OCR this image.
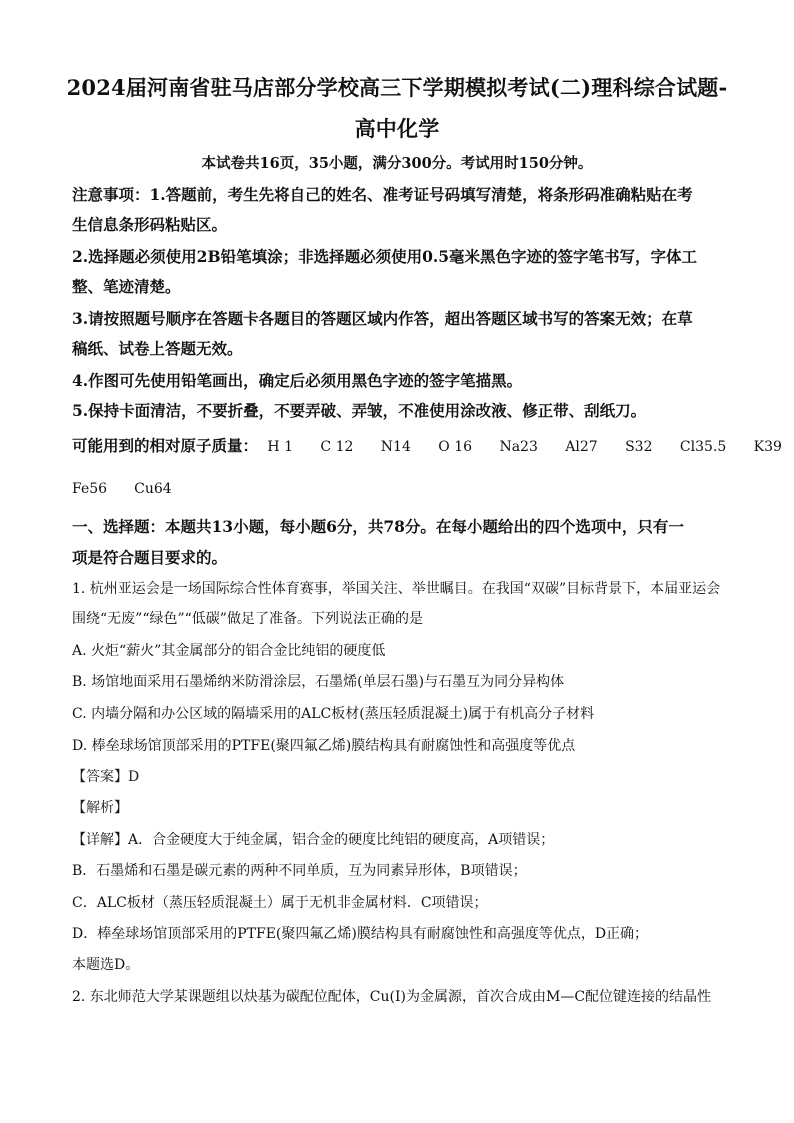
2024届河南省驻马店部分学校高三下学期模拟考试(二)理科综合试题-
高中化学
本试卷共16页，35小题，满分300分。考试用时150分钟。
注意事项：1.答题前，考生先将自己的姓名、准考证号码填写清楚，将条形码准确粘贴在考
生信息条形码粘贴区。
2.选择题必须使用2B铅笔填涂；非选择题必须使用0.5毫米黑色字迹的签字笔书写，字体工
整、笔迹清楚。
3.请按照题号顺序在答题卡各题目的答题区域内作答，超出答题区域书写的答案无效；在草
稿纸、试卷上答题无效。
4.作图可先使用铅笔画出，确定后必须用黑色字迹的签字笔描黑。
5.保持卡面清洁，不要折叠，不要弄破、弄皱，不准使用涂改液、修正带、刮纸刀。
可能用到的相对原子质量： H 1 C 12 N14 O 16 Na23 Al27 S32 Cl35.5 K39
Fe56 Cu64
一、选择题：本题共13小题，每小题6分，共78分。在每小题给出的四个选项中，只有一
项是符合题目要求的。
1. 杭州亚运会是一场国际综合性体育赛事，举国关注、举世瞩目。在我国“双碳”目标背景下，本届亚运会
围绕“无废”“绿色”“低碳”做足了准备。下列说法正确的是
A. 火炬“薪火”其金属部分的铝合金比纯铝的硬度低
B. 场馆地面采用石墨烯纳米防滑涂层，石墨烯(单层石墨)与石墨互为同分异构体
C. 内墙分隔和办公区域的隔墙采用的ALC板材(蒸压轻质混凝土)属于有机高分子材料
D. 棒垒球场馆顶部采用的PTFE(聚四氟乙烯)膜结构具有耐腐蚀性和高强度等优点
【答案】D
【解析】
【详解】A．合金硬度大于纯金属，铝合金的硬度比纯铝的硬度高，A项错误；
B．石墨烯和石墨是碳元素的两种不同单质，互为同素异形体，B项错误；
C．ALC板材（蒸压轻质混凝土）属于无机非金属材料．C项错误；
D．棒垒球场馆顶部采用的PTFE(聚四氟乙烯)膜结构具有耐腐蚀性和高强度等优点，D正确；
本题选D。
2. 东北师范大学某课题组以炔基为碳配位配体，Cu(Ⅰ)为金属源，首次合成由M—C配位键连接的结晶性
